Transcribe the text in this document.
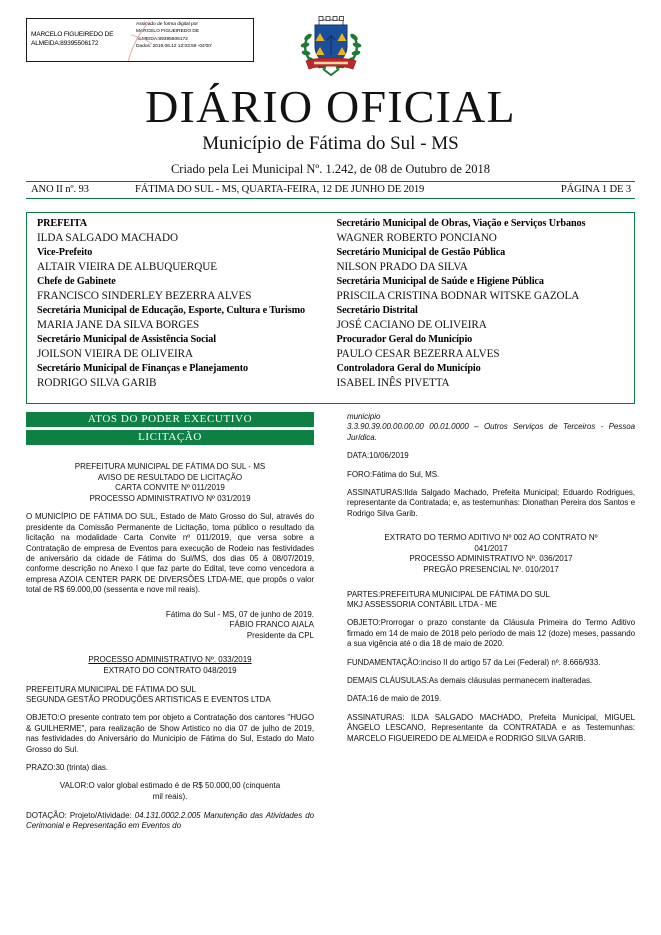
MARCELO FIGUEIREDO DE
ALMEIDA:89395506172
Assinado de forma digital por
MARCELO FIGUEIREDO DE
ALMEIDA:89395506172
Dados: 2019.06.12 12:03:59 -04'00'
DIÁRIO OFICIAL
Município de Fátima do Sul - MS
Criado pela Lei Municipal Nº. 1.242, de 08 de Outubro de 2018
ANO II nº. 93	FÁTIMA DO SUL - MS, QUARTA-FEIRA, 12 DE JUNHO DE 2019	PÁGINA 1 DE 3
PREFEITA
ILDA SALGADO MACHADO
Vice-Prefeito
ALTAIR VIEIRA DE ALBUQUERQUE
Chefe de Gabinete
FRANCISCO SINDERLEY BEZERRA ALVES
Secretária Municipal de Educação, Esporte, Cultura e Turismo
MARIA JANE DA SILVA BORGES
Secretário Municipal de Assistência Social
JOILSON VIEIRA DE OLIVEIRA
Secretário Municipal de Finanças e Planejamento
RODRIGO SILVA GARIB
Secretário Municipal de Obras, Viação e Serviços Urbanos
WAGNER ROBERTO PONCIANO
Secretário Municipal de Gestão Pública
NILSON PRADO DA SILVA
Secretária Municipal de Saúde e Higiene Pública
PRISCILA CRISTINA BODNAR WITSKE GAZOLA
Secretário Distrital
JOSÉ CACIANO DE OLIVEIRA
Procurador Geral do Município
PAULO CESAR BEZERRA ALVES
Controladora Geral do Município
ISABEL INÊS PIVETTA
ATOS DO PODER EXECUTIVO
LICITAÇÃO

PREFEITURA MUNICIPAL DE FÁTIMA DO SUL - MS
AVISO DE RESULTADO DE LICITAÇÃO
CARTA CONVITE Nº 011/2019
PROCESSO ADMINISTRATIVO Nº 031/2019

O MUNICÍPIO DE FÁTIMA DO SUL, Estado de Mato Grosso do Sul, através do presidente da Comissão Permanente de Licitação, toma público o resultado da licitação na modalidade Carta Convite nº 011/2019, que versa sobre a Contratação de empresa de Eventos para execução de Rodeio nas festividades de aniversário da cidade de Fátima do Sul/MS, dos dias 05 à 08/07/2019, conforme descrição no Anexo I que faz parte do Edital, teve como vencedora a empresa AZOIA CENTER PARK DE DIVERSÕES LTDA-ME, que propôs o valor total de R$ 69.000,00 (sessenta e nove mil reais).

Fátima do Sul - MS, 07 de junho de 2019.
FÁBIO FRANCO AIALA
Presidente da CPL

PROCESSO ADMINISTRATIVO Nº. 033/2019
EXTRATO DO CONTRATO 048/2019

PREFEITURA MUNICIPAL DE FÁTIMA DO SUL
SEGUNDA GESTÃO PRODUÇÕES ARTISTICAS E EVENTOS LTDA

OBJETO:O presente contrato tem por objeto a Contratação dos cantores "HUGO & GUILHERME", para realização de Show Artistico no dia 07 de julho de 2019, nas festividades do Aniversário do Municipio de Fátima do Sul, Estado do Mato Grosso do Sul.

PRAZO:30 (trinta) dias.

VALOR:O valor global estimado é de R$ 50.000,00 (cinquenta
mil reais).

DOTAÇÃO: Projeto/Atividade: 04.131.0002.2.005 Manutenção das Atividades do Cerimonial e Representação em Eventos do

municipio

3.3.90.39.00.00.00.00 00.01.0000 – Outros Serviços de Terceiros - Pessoa Jurídica.

DATA:10/06/2019

FORO:Fátima do Sul, MS.

ASSINATURAS:Ilda Salgado Machado, Prefeita Municipal; Eduardo Rodrigues, representante da Contratada; e, as testemunhas: Dionathan Pereira dos Santos e Rodrigo Silva Garib.

EXTRATO DO TERMO ADITIVO Nº 002 AO CONTRATO Nº
041/2017
PROCESSO ADMINISTRATIVO Nº. 036/2017
PREGÃO PRESENCIAL Nº. 010/2017

PARTES:PREFEITURA MUNICIPAL DE FÁTIMA DO SUL
MKJ ASSESSORIA CONTÁBIL LTDA - ME

OBJETO:Prorrogar o prazo constante da Cláusula Primeira do Termo Aditivo firmado em 14 de maio de 2018 pelo período de mais 12 (doze) meses, passando a sua vigência até o dia 18 de maio de 2020.

FUNDAMENTAÇÃO:inciso II do artigo 57 da Lei (Federal) nº. 8.666/933.

DEMAIS CLÁUSULAS:As demais cláusulas permanecem inalteradas.

DATA:16 de maio de 2019.

ASSINATURAS: ILDA SALGADO MACHADO, Prefeita Municipal, MIGUEL ÂNGELO LESCANO, Representante da CONTRATADA e as Testemunhas: MARCELO FIGUEIREDO DE ALMEIDA e RODRIGO SILVA GARIB.
